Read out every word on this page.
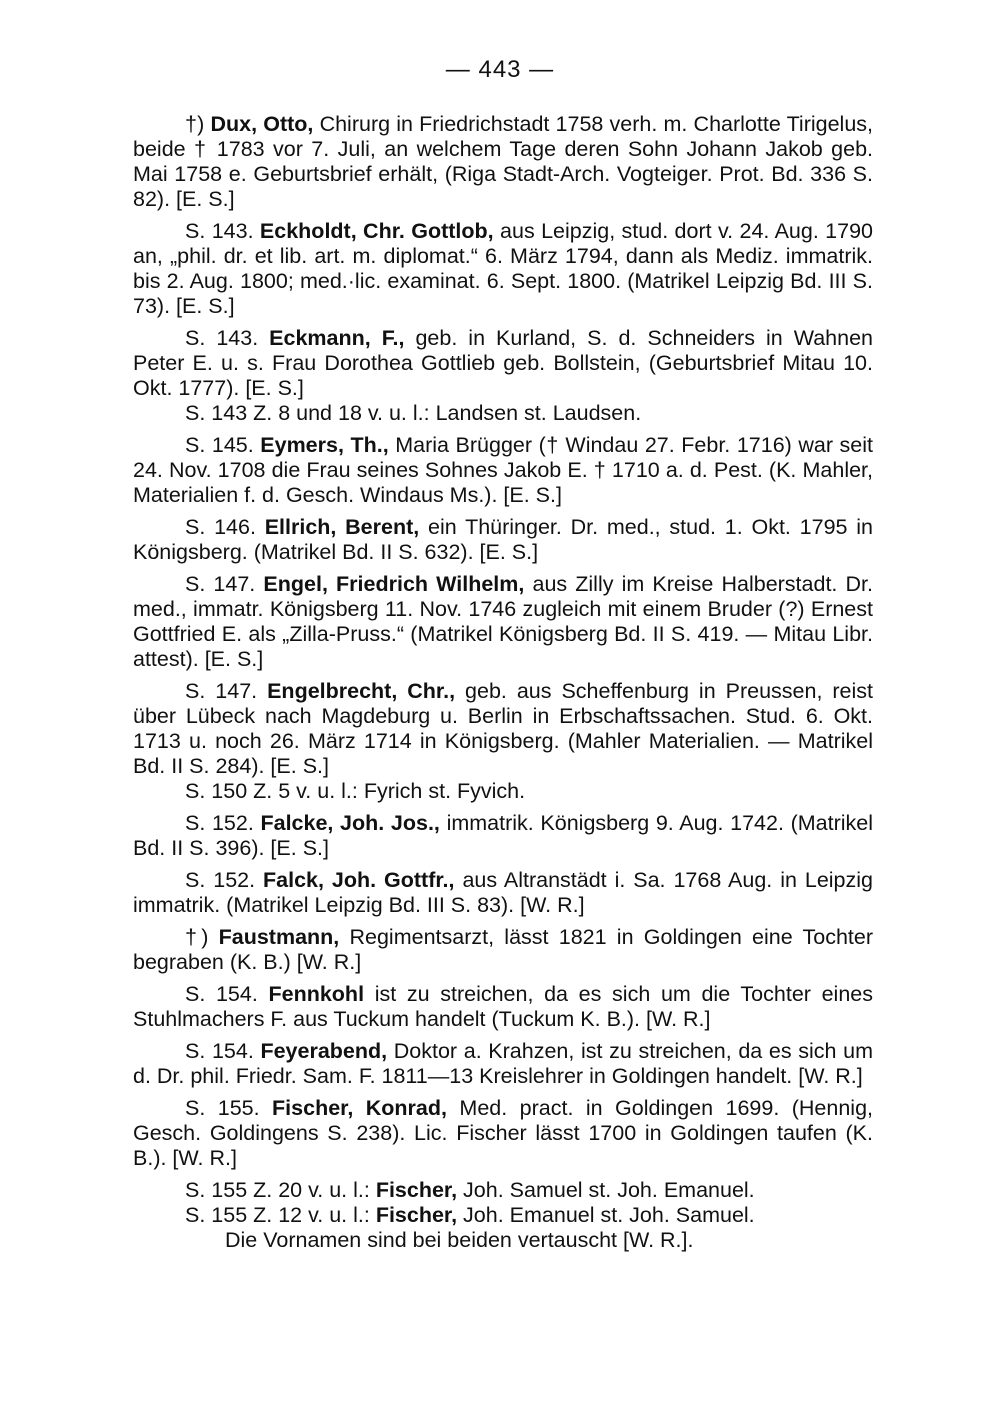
— 443 —

†) Dux, Otto, Chirurg in Friedrichstadt 1758 verh. m. Charlotte Tirigelus, beide † 1783 vor 7. Juli, an welchem Tage deren Sohn Johann Jakob geb. Mai 1758 e. Geburtsbrief erhält, (Riga Stadt-Arch. Vogteiger. Prot. Bd. 336 S. 82). [E. S.]

S. 143. Eckholdt, Chr. Gottlob, aus Leipzig, stud. dort v. 24. Aug. 1790 an, „phil. dr. et lib. art. m. diplomat.“ 6. März 1794, dann als Mediz. immatrik. bis 2. Aug. 1800; med.·lic. examinat. 6. Sept. 1800. (Matrikel Leipzig Bd. III S. 73). [E. S.]

S. 143. Eckmann, F., geb. in Kurland, S. d. Schneiders in Wahnen Peter E. u. s. Frau Dorothea Gottlieb geb. Bollstein, (Geburtsbrief Mitau 10. Okt. 1777). [E. S.]

S. 143 Z. 8 und 18 v. u. l.: Landsen st. Laudsen.

S. 145. Eymers, Th., Maria Brügger († Windau 27. Febr. 1716) war seit 24. Nov. 1708 die Frau seines Sohnes Jakob E. † 1710 a. d. Pest. (K. Mahler, Materialien f. d. Gesch. Windaus Ms.). [E. S.]

S. 146. Ellrich, Berent, ein Thüringer. Dr. med., stud. 1. Okt. 1795 in Königsberg. (Matrikel Bd. II S. 632). [E. S.]

S. 147. Engel, Friedrich Wilhelm, aus Zilly im Kreise Halberstadt. Dr. med., immatr. Königsberg 11. Nov. 1746 zugleich mit einem Bruder (?) Ernest Gottfried E. als „Zilla-Pruss.“ (Matrikel Königsberg Bd. II S. 419. — Mitau Libr. attest). [E. S.]

S. 147. Engelbrecht, Chr., geb. aus Scheffenburg in Preussen, reist über Lübeck nach Magdeburg u. Berlin in Erbschaftssachen. Stud. 6. Okt. 1713 u. noch 26. März 1714 in Königsberg. (Mahler Materialien. — Matrikel Bd. II S. 284). [E. S.]

S. 150 Z. 5 v. u. l.: Fyrich st. Fyvich.

S. 152. Falcke, Joh. Jos., immatrik. Königsberg 9. Aug. 1742. (Matrikel Bd. II S. 396). [E. S.]

S. 152. Falck, Joh. Gottfr., aus Altranstädt i. Sa. 1768 Aug. in Leipzig immatrik. (Matrikel Leipzig Bd. III S. 83). [W. R.]

†) Faustmann, Regimentsarzt, lässt 1821 in Goldingen eine Tochter begraben (K. B.) [W. R.]

S. 154. Fennkohl ist zu streichen, da es sich um die Tochter eines Stuhlmachers F. aus Tuckum handelt (Tuckum K. B.). [W. R.]

S. 154. Feyerabend, Doktor a. Krahzen, ist zu streichen, da es sich um d. Dr. phil. Friedr. Sam. F. 1811—13 Kreislehrer in Goldingen handelt. [W. R.]

S. 155. Fischer, Konrad, Med. pract. in Goldingen 1699. (Hennig, Gesch. Goldingens S. 238). Lic. Fischer lässt 1700 in Goldingen taufen (K. B.). [W. R.]

S. 155 Z. 20 v. u. l.: Fischer, Joh. Samuel st. Joh. Emanuel.

S. 155 Z. 12 v. u. l.: Fischer, Joh. Emanuel st. Joh. Samuel.

Die Vornamen sind bei beiden vertauscht [W. R.].
